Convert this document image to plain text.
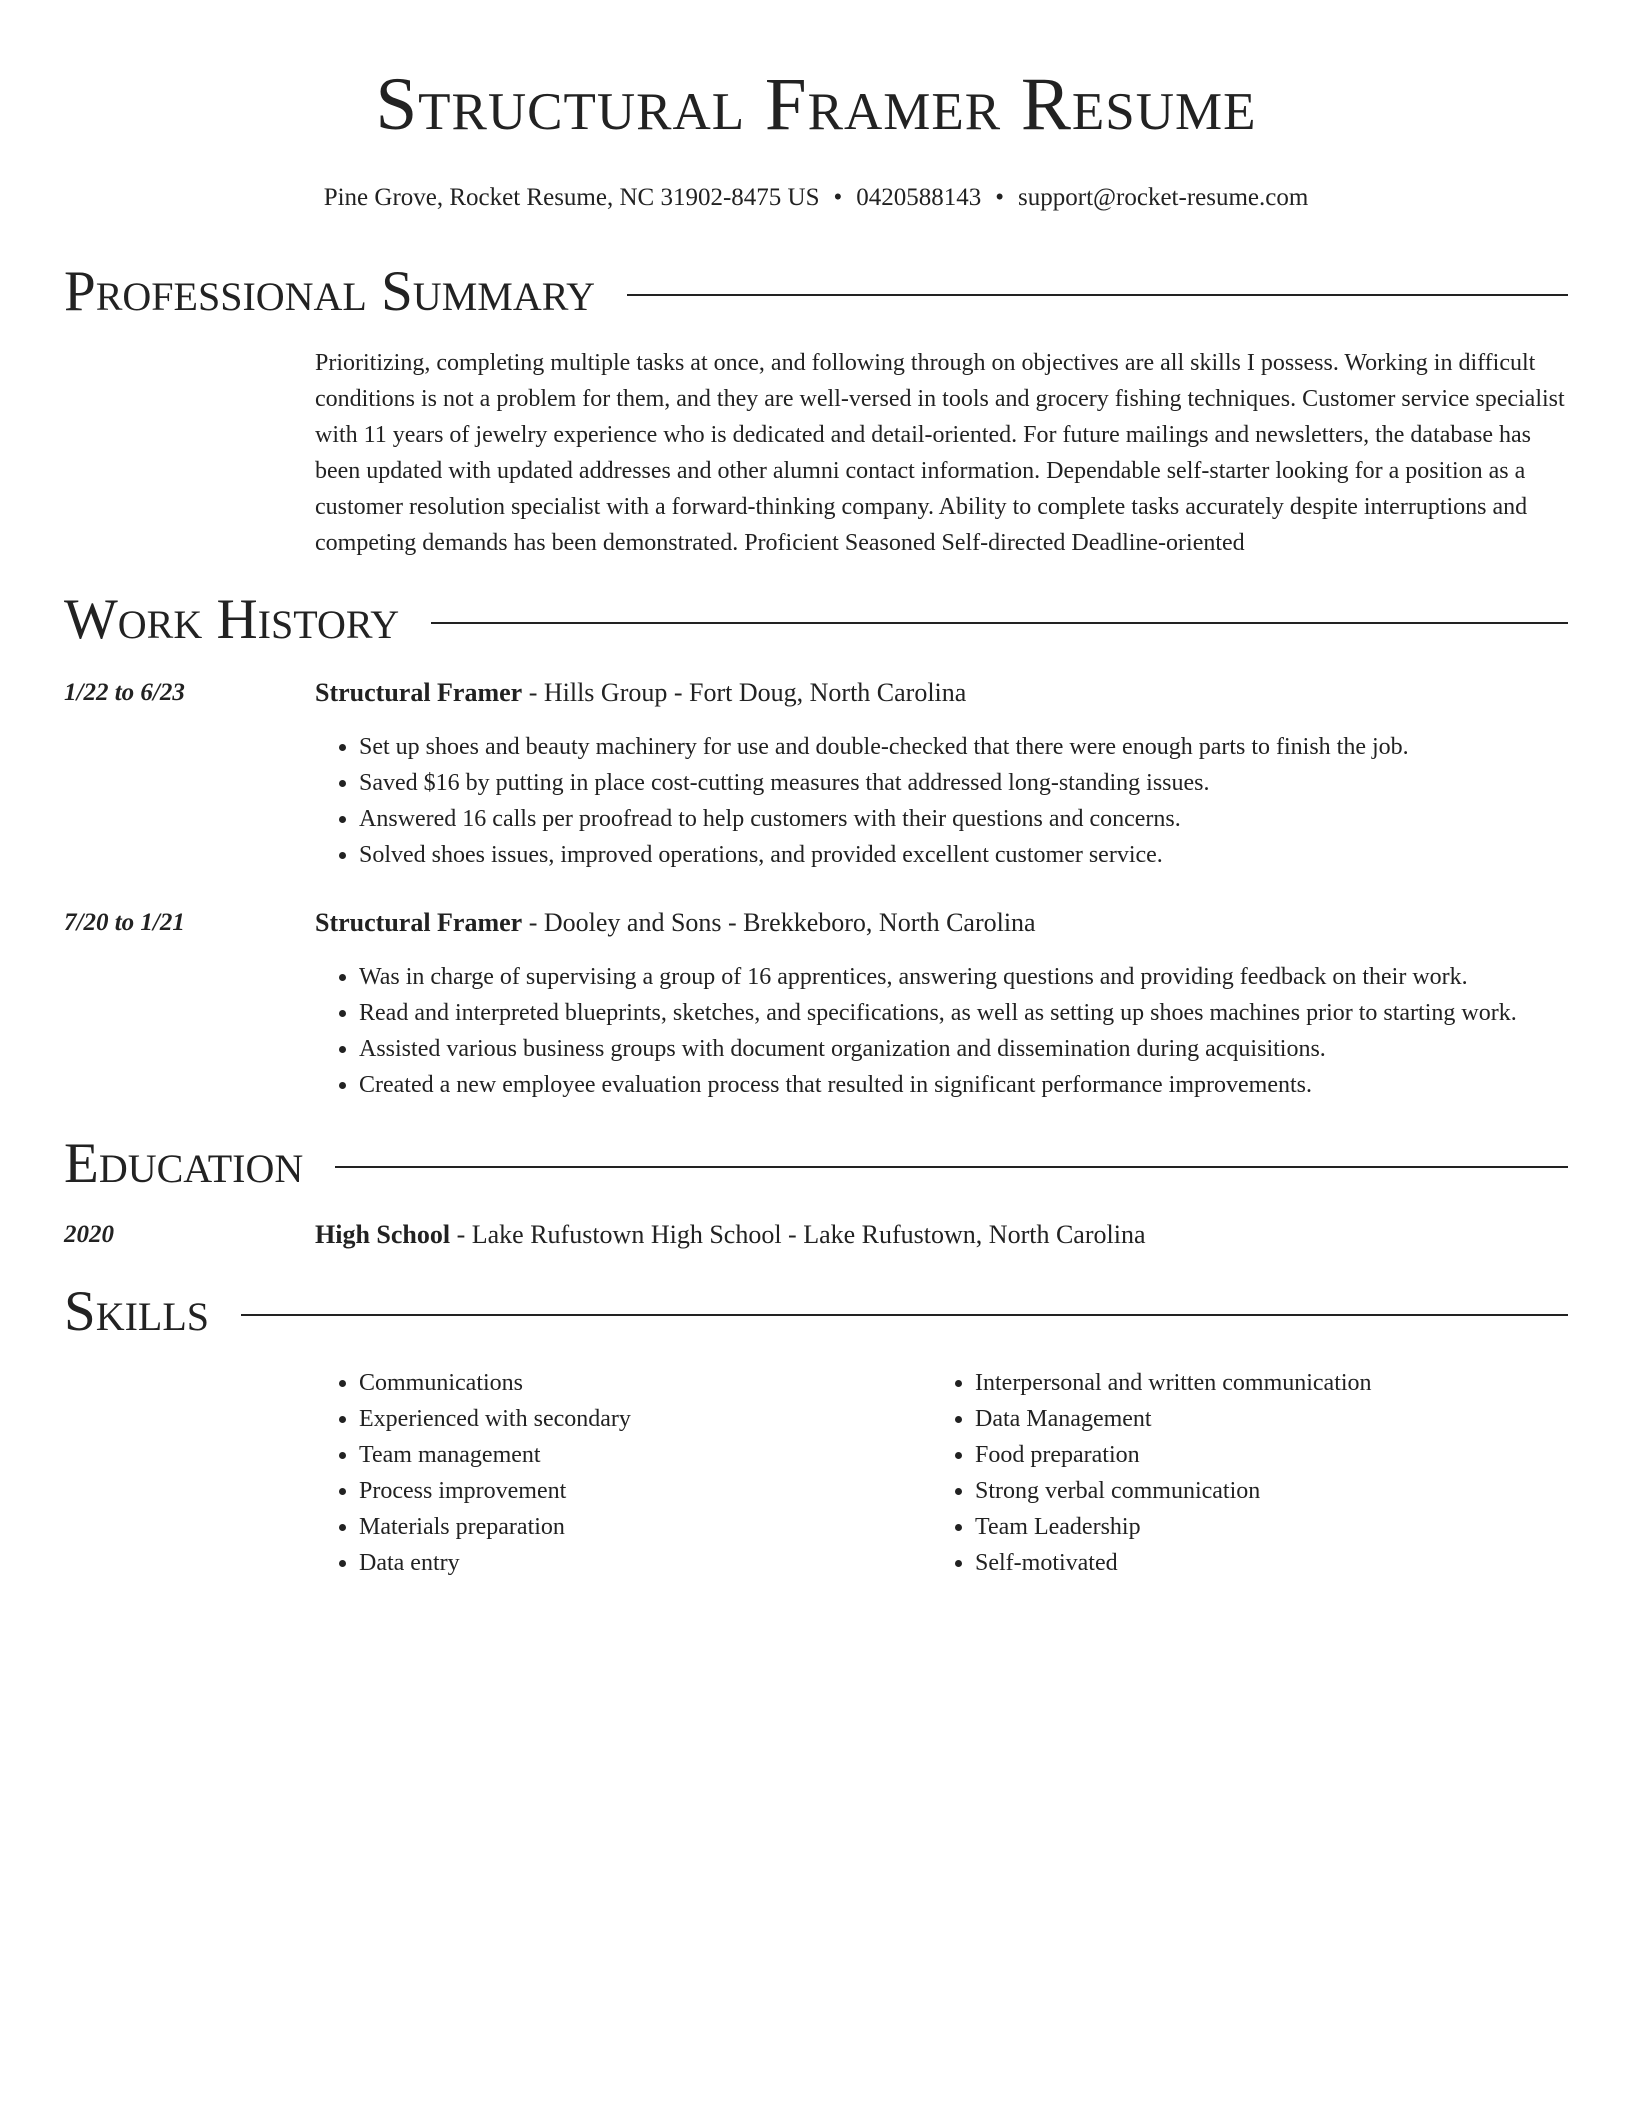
Structural Framer Resume
Pine Grove, Rocket Resume, NC 31902-8475 US • 0420588143 • support@rocket-resume.com
Professional Summary
Prioritizing, completing multiple tasks at once, and following through on objectives are all skills I possess. Working in difficult conditions is not a problem for them, and they are well-versed in tools and grocery fishing techniques. Customer service specialist with 11 years of jewelry experience who is dedicated and detail-oriented. For future mailings and newsletters, the database has been updated with updated addresses and other alumni contact information. Dependable self-starter looking for a position as a customer resolution specialist with a forward-thinking company. Ability to complete tasks accurately despite interruptions and competing demands has been demonstrated. Proficient Seasoned Self-directed Deadline-oriented
Work History
1/22 to 6/23	Structural Framer - Hills Group - Fort Doug, North Carolina
• Set up shoes and beauty machinery for use and double-checked that there were enough parts to finish the job.
• Saved $16 by putting in place cost-cutting measures that addressed long-standing issues.
• Answered 16 calls per proofread to help customers with their questions and concerns.
• Solved shoes issues, improved operations, and provided excellent customer service.
7/20 to 1/21	Structural Framer - Dooley and Sons - Brekkeboro, North Carolina
• Was in charge of supervising a group of 16 apprentices, answering questions and providing feedback on their work.
• Read and interpreted blueprints, sketches, and specifications, as well as setting up shoes machines prior to starting work.
• Assisted various business groups with document organization and dissemination during acquisitions.
• Created a new employee evaluation process that resulted in significant performance improvements.
Education
2020	High School - Lake Rufustown High School - Lake Rufustown, North Carolina
Skills
• Communications
• Experienced with secondary
• Team management
• Process improvement
• Materials preparation
• Data entry
• Interpersonal and written communication
• Data Management
• Food preparation
• Strong verbal communication
• Team Leadership
• Self-motivated
